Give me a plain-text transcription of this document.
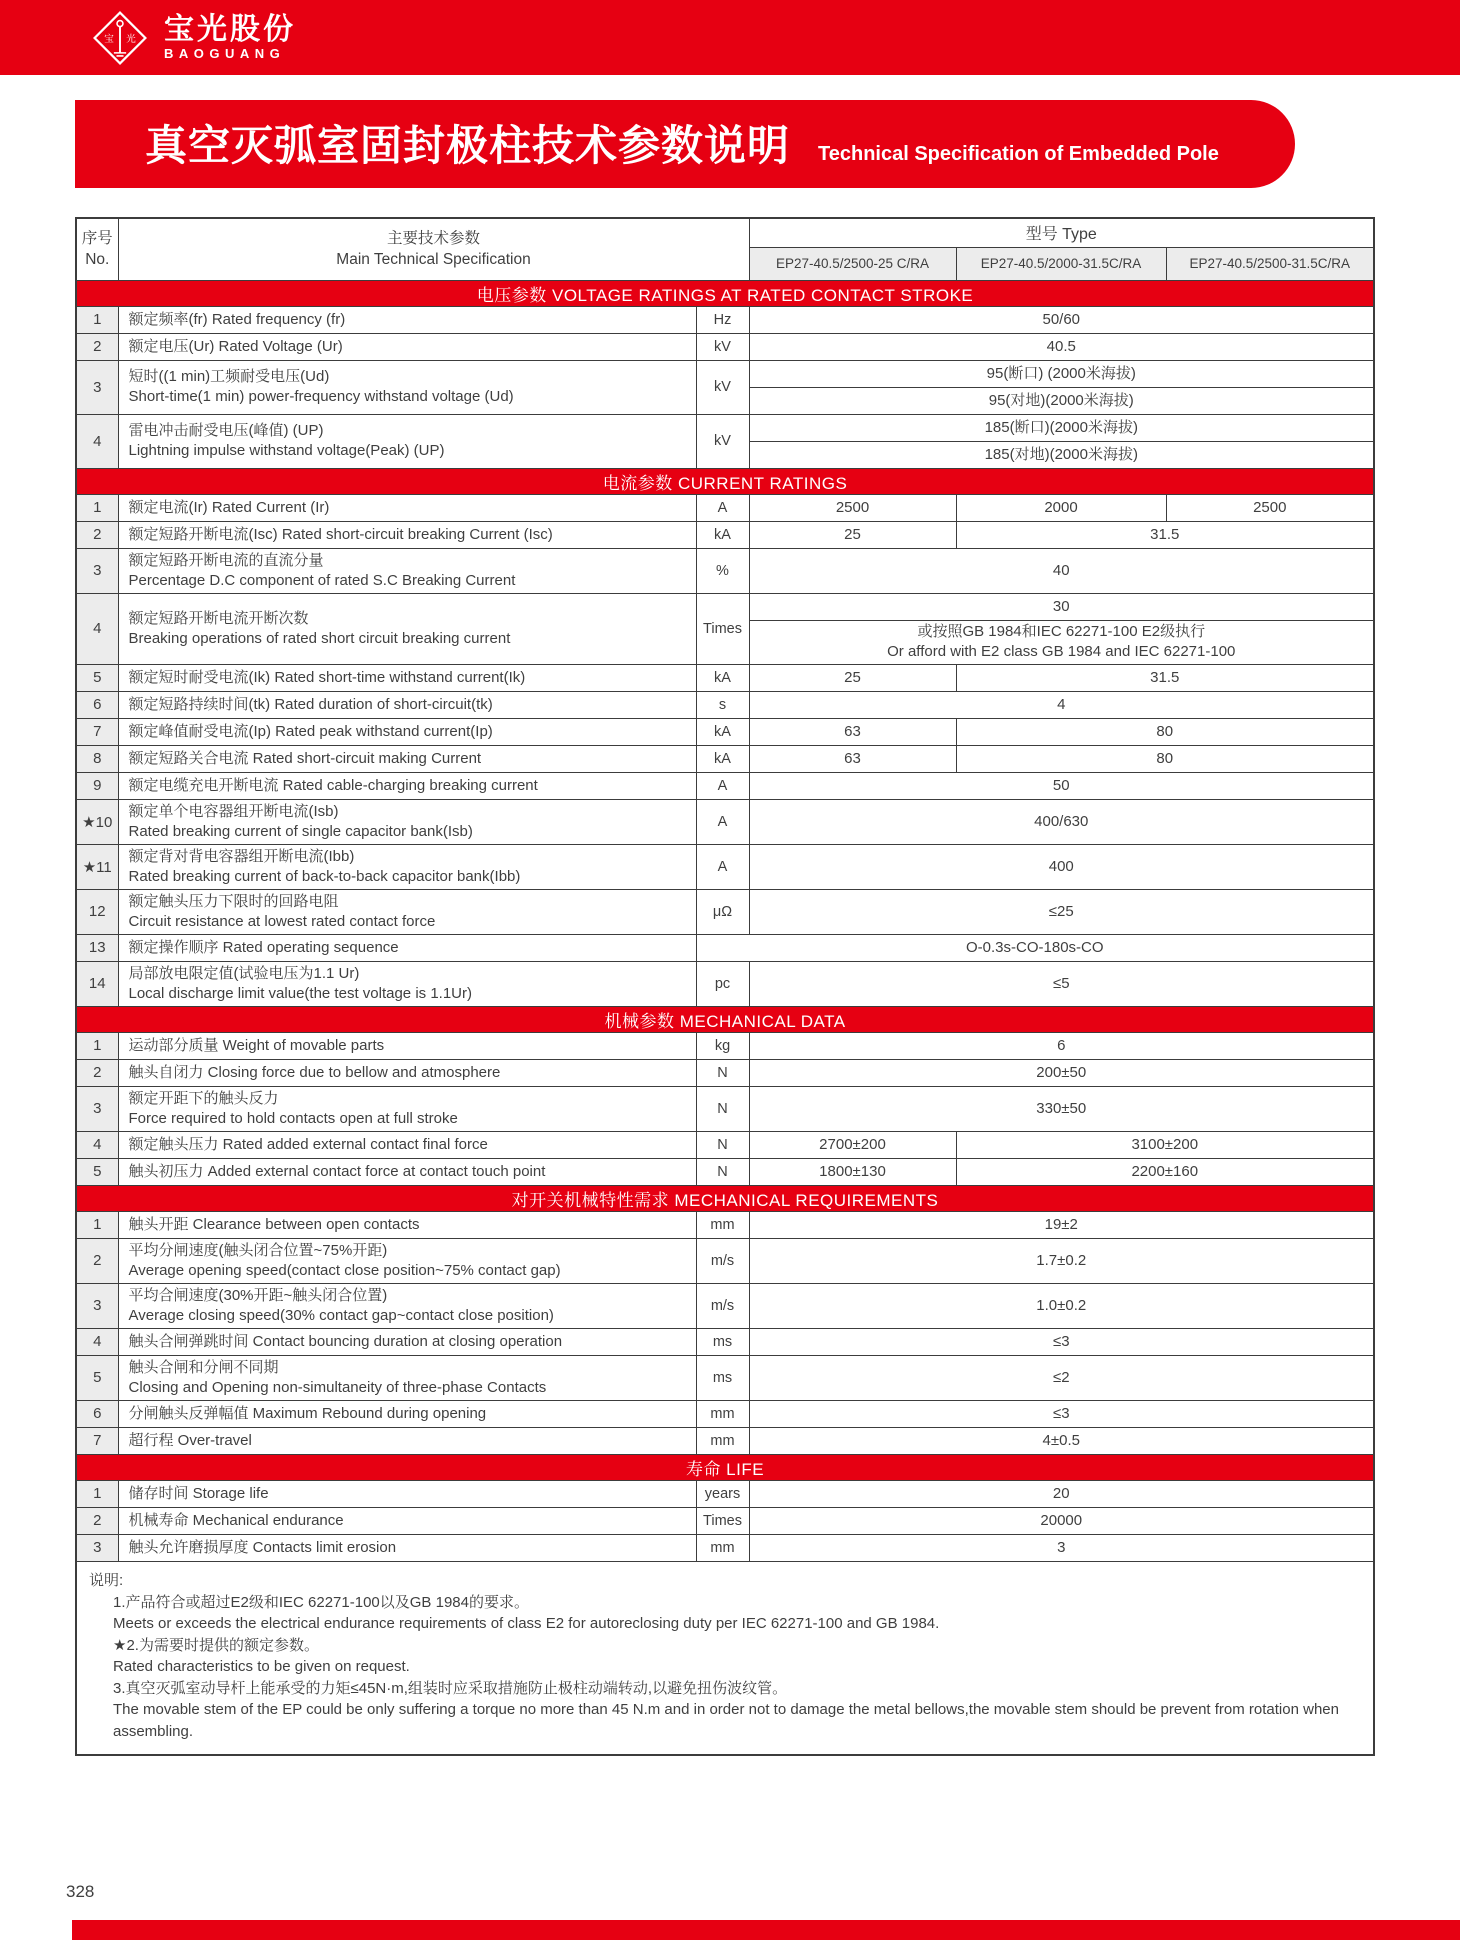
宝 光 宝光股份
BAOGUANG
真空灭弧室固封极柱技术参数说明 Technical Specification of Embedded Pole
序号
No.

主要技术参数
Main Technical Specification
	型号 Type
			EP27-40.5/2500-25 C/RA	EP27-40.5/2000-31.5C/RA	EP27-40.5/2500-31.5C/RA
电压参数 VOLTAGE RATINGS AT RATED CONTACT STROKE					
1	额定频率(fr) Rated frequency (fr)	Hz	50/60		
2	额定电压(Ur) Rated Voltage (Ur)	kV	40.5		
3	短时((1 min)工频耐受电压(Ud)
Short-time(1 min) power-frequency withstand voltage (Ud)	kV	95(断口) (2000米海拔)		

			95(对地)(2000米海拔)		

4	雷电冲击耐受电压(峰值) (UP)
Lightning impulse withstand voltage(Peak) (UP)	kV	185(断口)(2000米海拔)		

			185(对地)(2000米海拔)		

电流参数 CURRENT RATINGS					
1	额定电流(Ir) Rated Current (Ir)	A	2500	2000	2500
2	额定短路开断电流(Isc) Rated short-circuit breaking Current (Isc)	kA	25	31.5	
3	额定短路开断电流的直流分量
Percentage D.C component of rated S.C Breaking Current	%	40		
4	额定短路开断电流开断次数
Breaking operations of rated short circuit breaking current	Times	30		

			或按照GB 1984和IEC 62271-100 E2级执行
Or afford with E2 class GB 1984 and IEC 62271-100		

5	额定短时耐受电流(Ik) Rated short-time withstand current(Ik)	kA	25	31.5	
6	额定短路持续时间(tk) Rated duration of short-circuit(tk)	s	4		
7	额定峰值耐受电流(Ip) Rated peak withstand current(Ip)	kA	63	80	
8	额定短路关合电流 Rated short-circuit making Current	kA	63	80	
9	额定电缆充电开断电流 Rated cable-charging breaking current	A	50		
★10	额定单个电容器组开断电流(Isb)
Rated breaking current of single capacitor bank(Isb)	A	400/630		
★11	额定背对背电容器组开断电流(Ibb)
Rated breaking current of back-to-back capacitor bank(Ibb)	A	400		
12	额定触头压力下限时的回路电阻
Circuit resistance at lowest rated contact force	μΩ	≤25		
13	额定操作顺序 Rated operating sequence	O-0.3s-CO-180s-CO			
14	局部放电限定值(试验电压为1.1 Ur)
Local discharge limit value(the test voltage is 1.1Ur)	pc	≤5		
机械参数 MECHANICAL DATA					
1	运动部分质量 Weight of movable parts	kg	6		
2	触头自闭力 Closing force due to bellow and atmosphere	N	200±50		
3	额定开距下的触头反力
Force required to hold contacts open at full stroke	N	330±50		
4	额定触头压力 Rated added external contact final force	N	2700±200	3100±200	
5	触头初压力 Added external contact force at contact touch point	N	1800±130	2200±160	
对开关机械特性需求 MECHANICAL REQUIREMENTS					
1	触头开距 Clearance between open contacts	mm	19±2		
2	平均分闸速度(触头闭合位置~75%开距)
Average opening speed(contact close position~75% contact gap)	m/s	1.7±0.2		
3	平均合闸速度(30%开距~触头闭合位置)
Average closing speed(30% contact gap~contact close position)	m/s	1.0±0.2		
4	触头合闸弹跳时间 Contact bouncing duration at closing operation	ms	≤3		
5	触头合闸和分闸不同期
Closing and Opening non-simultaneity of three-phase Contacts	ms	≤2		
6	分闸触头反弹幅值 Maximum Rebound during opening	mm	≤3		
7	超行程 Over-travel	mm	4±0.5		
寿命 LIFE					
1	储存时间 Storage life	years	20		
2	机械寿命 Mechanical endurance	Times	20000		
3	触头允许磨损厚度 Contacts limit erosion	mm	3		

说明:
1.产品符合或超过E2级和IEC 62271-100以及GB 1984的要求。
Meets or exceeds the electrical endurance requirements of class E2 for autoreclosing duty per IEC 62271-100 and GB 1984.
★2.为需要时提供的额定参数。
Rated characteristics to be given on request.
3.真空灭弧室动导杆上能承受的力矩≤45N·m,组装时应采取措施防止极柱动端转动,以避免扭伤波纹管。
The movable stem of the EP could be only suffering a torque no more than 45 N.m and in order not to damage the metal bellows,the movable stem should be prevent from rotation when assembling.
328
